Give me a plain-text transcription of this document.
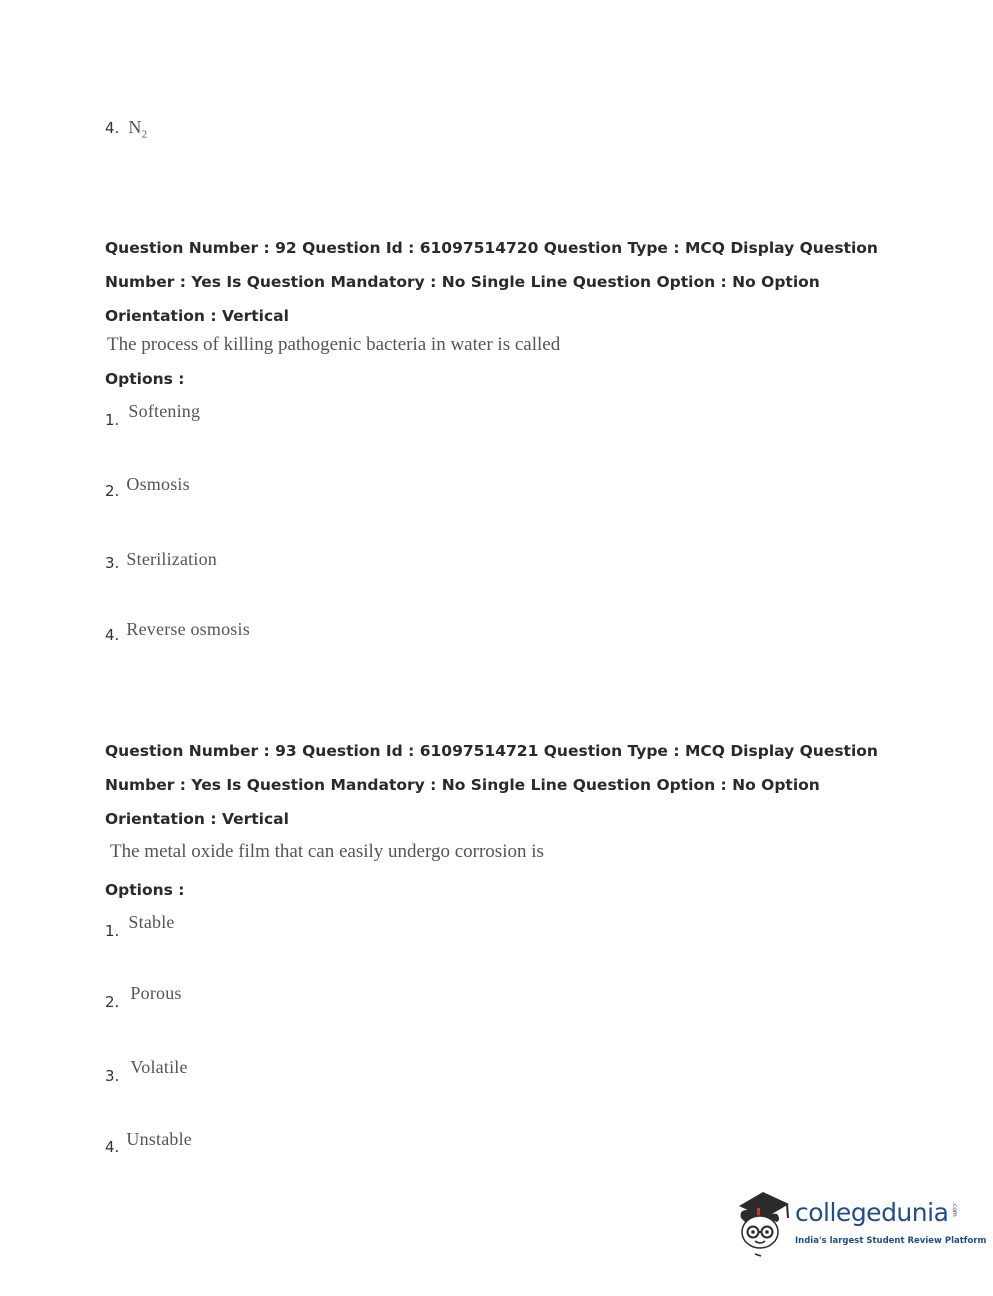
4. $N_2$
Question Number : 92 Question Id : 61097514720 Question Type : MCQ Display Question Number : Yes Is Question Mandatory : No Single Line Question Option : No Option Orientation : Vertical
The process of killing pathogenic bacteria in water is called
Options :
1. Softening
2. Osmosis
3. Sterilization
4. Reverse osmosis
Question Number : 93 Question Id : 61097514721 Question Type : MCQ Display Question Number : Yes Is Question Mandatory : No Single Line Question Option : No Option Orientation : Vertical
The metal oxide film that can easily undergo corrosion is
Options :
1. Stable
2. Porous
3. Volatile
4. Unstable
collegedunia .com
India's largest Student Review Platform
